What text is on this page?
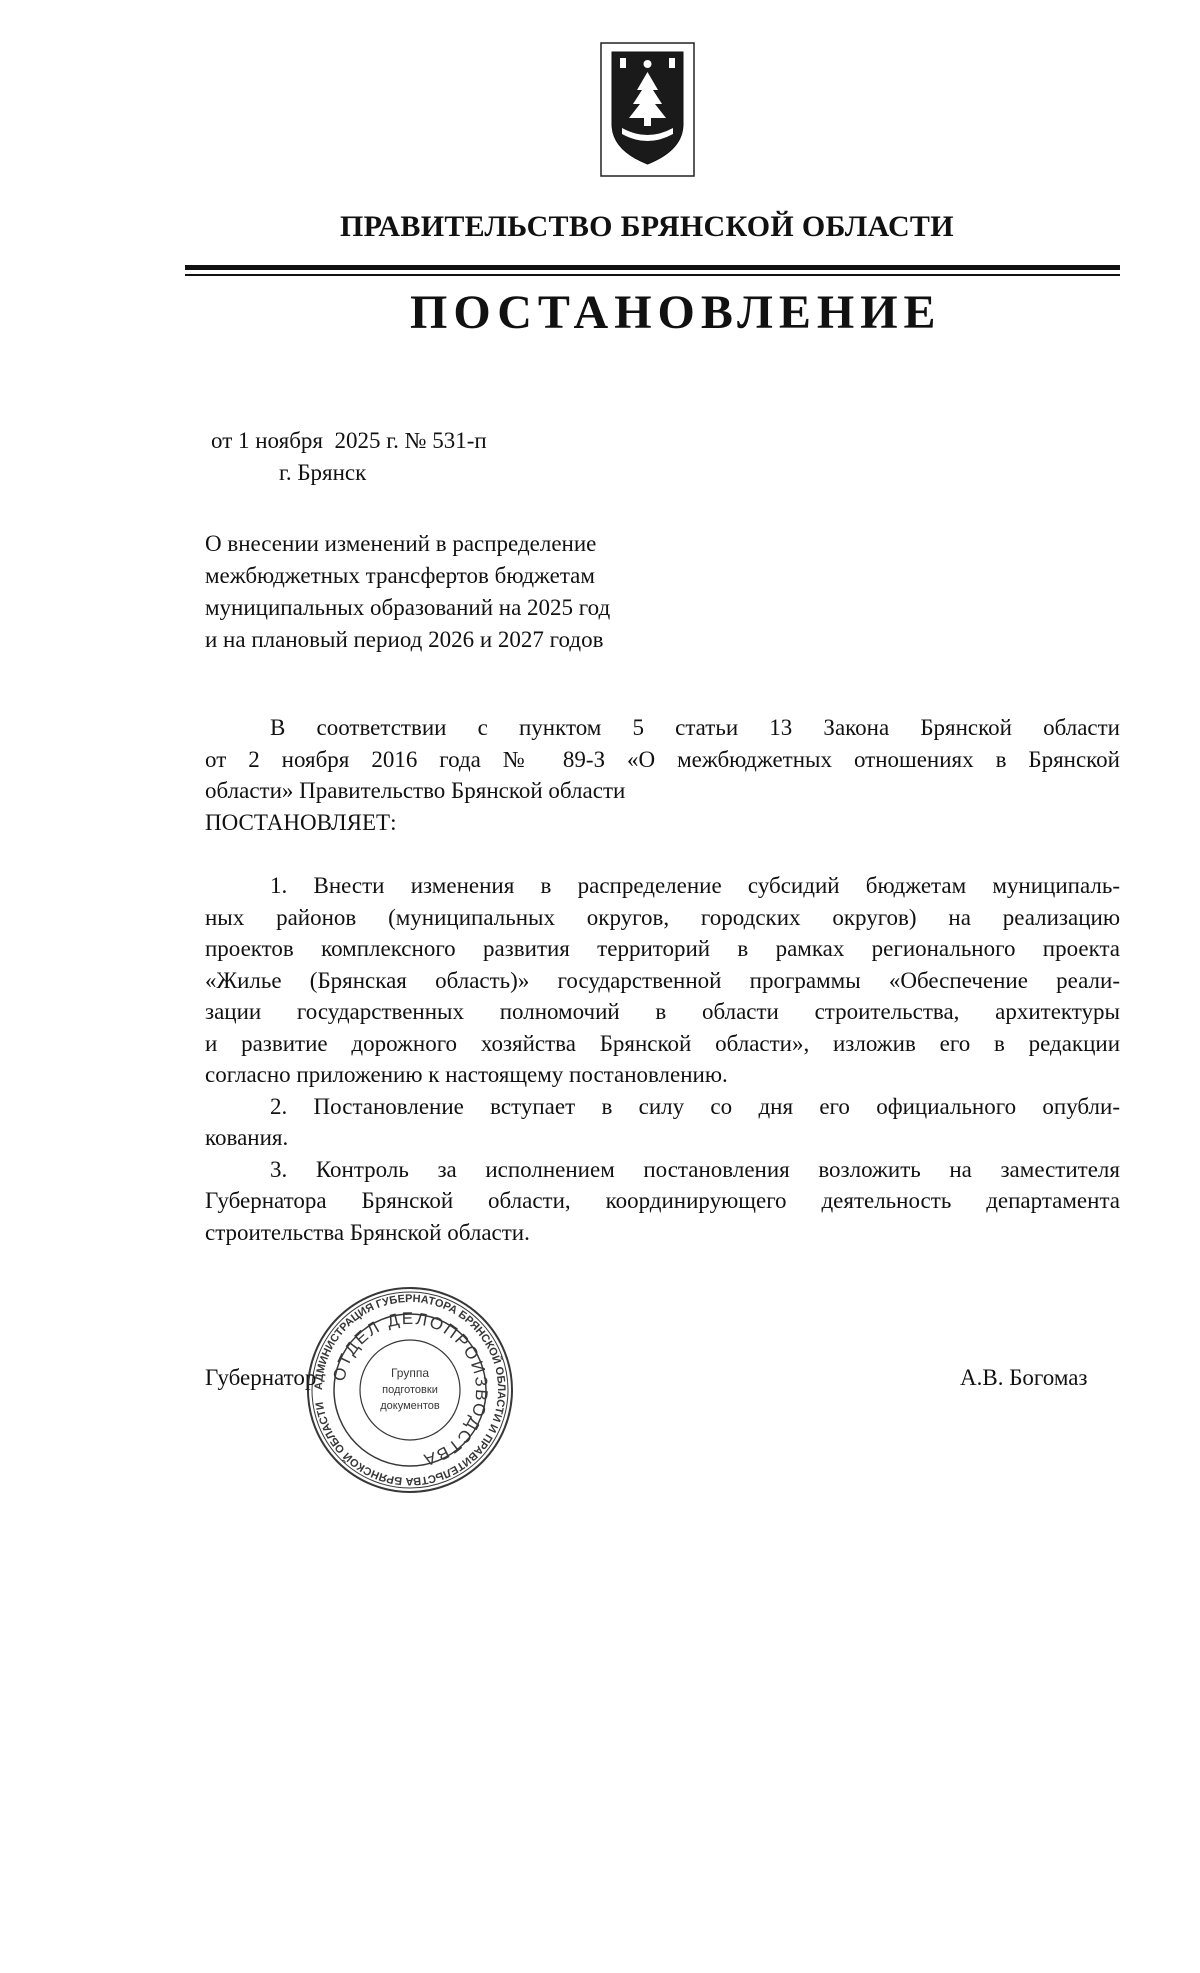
ПРАВИТЕЛЬСТВО БРЯНСКОЙ ОБЛАСТИ
ПОСТАНОВЛЕНИЕ
от 1 ноября  2025 г. № 531-п
г. Брянск
О внесении изменений в распределение
межбюджетных трансфертов бюджетам
муниципальных образований на 2025 год
и на плановый период 2026 и 2027 годов
В соответствии с пунктом 5 статьи 13 Закона Брянской области
от 2 ноября 2016 года № 89-З «О межбюджетных отношениях в Брянской
области» Правительство Брянской области
ПОСТАНОВЛЯЕТ:
1. Внести изменения в распределение субсидий бюджетам муниципаль-
ных районов (муниципальных округов, городских округов) на реализацию
проектов комплексного развития территорий в рамках регионального проекта
«Жилье (Брянская область)» государственной программы «Обеспечение реали-
зации государственных полномочий в области строительства, архитектуры
и развитие дорожного хозяйства Брянской области», изложив его в редакции
согласно приложению к настоящему постановлению.
2. Постановление вступает в силу со дня его официального опубли-
кования.
3. Контроль за исполнением постановления возложить на заместителя
Губернатора Брянской области, координирующего деятельность департамента
строительства Брянской области.
Губернатор	А.В. Богомаз
АДМИНИСТРАЦИЯ ГУБЕРНАТОРА БРЯНСКОЙ ОБЛАСТИ И ПРАВИТЕЛЬСТВА БРЯНСКОЙ ОБЛАСТИ
ОТДЕЛ ДЕЛОПРОИЗВОДСТВА
Группа
подготовки
документов
